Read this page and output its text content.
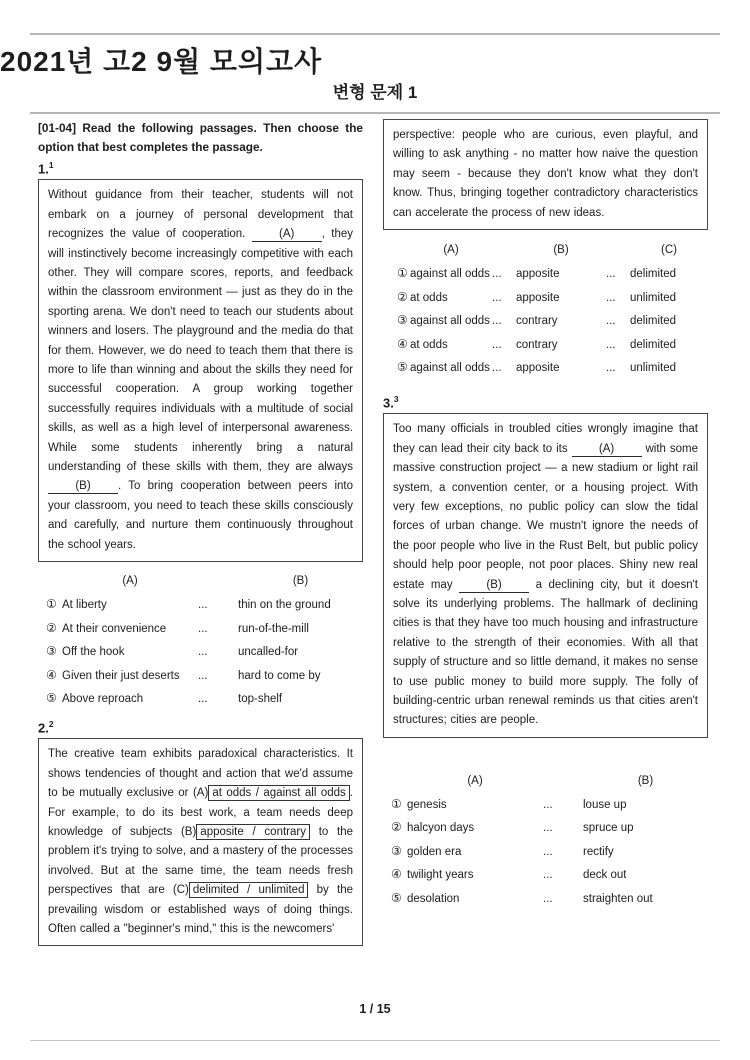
2021년 고2 9월 모의고사
변형 문제 1

[01-04] Read the following passages. Then choose the option that best completes the passage.

1.$^1$
Without guidance from their teacher, students will not embark on a journey of personal development that recognizes the value of cooperation. (A) , they will instinctively become increasingly competitive with each other. They will compare scores, reports, and feedback within the classroom environment — just as they do in the sporting arena. We don't need to teach our students about winners and losers. The playground and the media do that for them. However, we do need to teach them that there is more to life than winning and about the skills they need for successful cooperation. A group working together successfully requires individuals with a multitude of social skills, as well as a high level of interpersonal awareness. While some students inherently bring a natural understanding of these skills with them, they are always (B) . To bring cooperation between peers into your classroom, you need to teach these skills consciously and carefully, and nurture them continuously throughout the school years.
(A)	(B)
① At liberty	...	thin on the ground
② At their convenience	...	run-of-the-mill
③ Off the hook	...	uncalled-for
④ Given their just deserts	...	hard to come by
⑤ Above reproach	...	top-shelf
2.$^2$
The creative team exhibits paradoxical characteristics. It shows tendencies of thought and action that we'd assume to be mutually exclusive or (A) at odds / against all odds . For example, to do its best work, a team needs deep knowledge of subjects (B) apposite / contrary to the problem it's trying to solve, and a mastery of the processes involved. But at the same time, the team needs fresh perspectives that are (C) delimited / unlimited by the prevailing wisdom or established ways of doing things. Often called a "beginner's mind," this is the newcomers'
perspective: people who are curious, even playful, and willing to ask anything - no matter how naive the question may seem - because they don't know what they don't know. Thus, bringing together contradictory characteristics can accelerate the process of new ideas.
(A)	(B)	(C)
① against all odds ...	apposite	...	delimited
② at odds	...	apposite	...	unlimited
③ against all odds ...	contrary	...	delimited
④ at odds	...	contrary	...	delimited
⑤ against all odds ...	apposite	...	unlimited
3.$^3$
Too many officials in troubled cities wrongly imagine that they can lead their city back to its (A) with some massive construction project — a new stadium or light rail system, a convention center, or a housing project. With very few exceptions, no public policy can slow the tidal forces of urban change. We mustn't ignore the needs of the poor people who live in the Rust Belt, but public policy should help poor people, not poor places. Shiny new real estate may (B) a declining city, but it doesn't solve its underlying problems. The hallmark of declining cities is that they have too much housing and infrastructure relative to the strength of their economies. With all that supply of structure and so little demand, it makes no sense to use public money to build more supply. The folly of building-centric urban renewal reminds us that cities aren't structures; cities are people.
(A)	(B)
① genesis	...	louse up
② halcyon days	...	spruce up
③ golden era	...	rectify
④ twilight years	...	deck out
⑤ desolation	...	straighten out
1 / 15
